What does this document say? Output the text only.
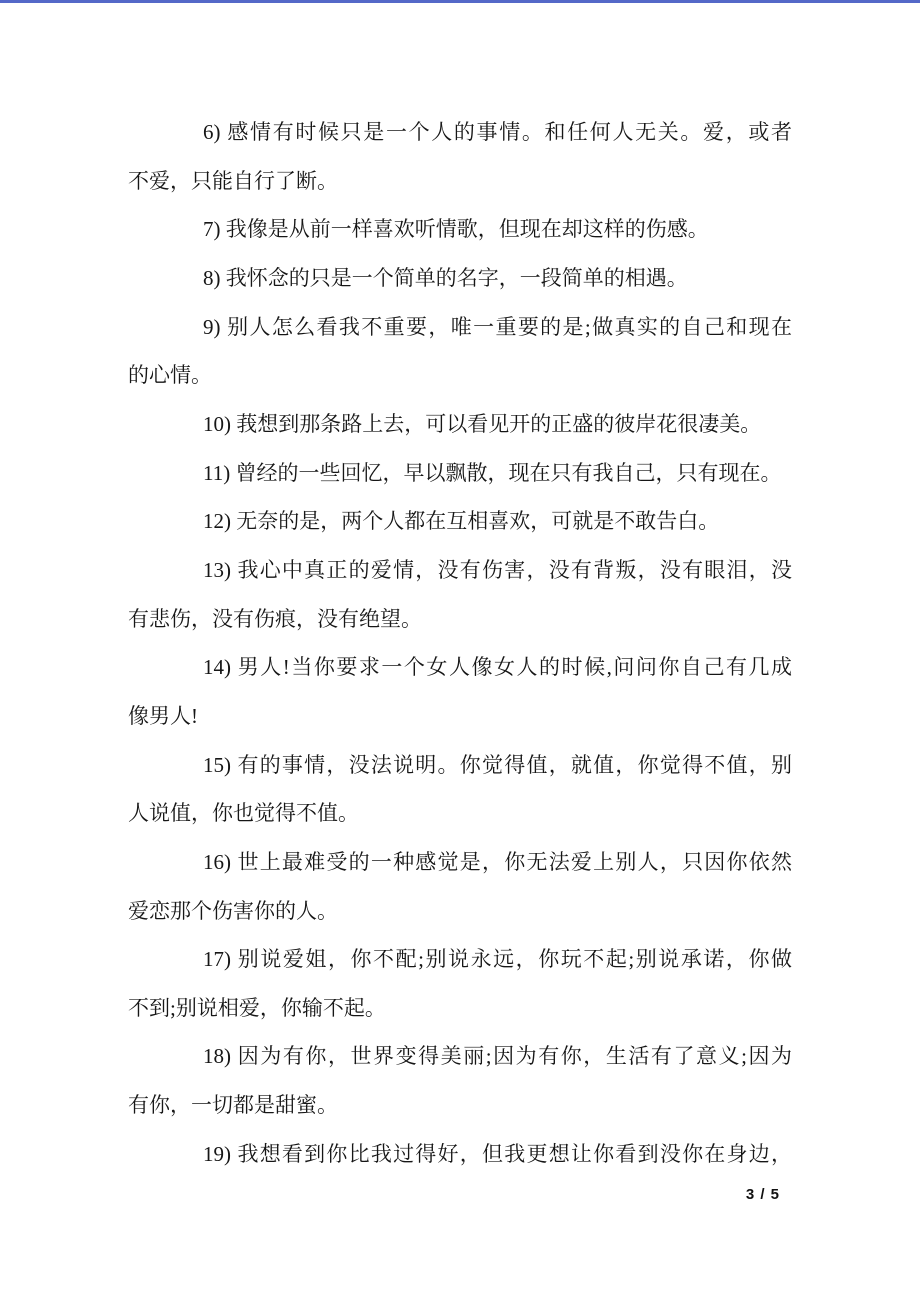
6) 感情有时候只是一个人的事情。和任何人无关。爱，或者
不爱，只能自行了断。
7) 我像是从前一样喜欢听情歌，但现在却这样的伤感。
8) 我怀念的只是一个简单的名字，一段简单的相遇。
9) 别人怎么看我不重要，唯一重要的是;做真实的自己和现在
的心情。
10) 莪想到那条路上去，可以看见开的正盛的彼岸花很凄美。
11) 曾经的一些回忆，早以飘散，现在只有我自己，只有现在。
12) 无奈的是，两个人都在互相喜欢，可就是不敢告白。
13) 我心中真正的爱情，没有伤害，没有背叛，没有眼泪，没
有悲伤，没有伤痕，没有绝望。
14) 男人!当你要求一个女人像女人的时候,问问你自己有几成
像男人!
15) 有的事情，没法说明。你觉得值，就值，你觉得不值，别
人说值，你也觉得不值。
16) 世上最难受的一种感觉是，你无法爱上别人，只因你依然
爱恋那个伤害你的人。
17) 别说爱姐，你不配;别说永远，你玩不起;别说承诺，你做
不到;别说相爱，你输不起。
18) 因为有你，世界变得美丽;因为有你，生活有了意义;因为
有你，一切都是甜蜜。
19) 我想看到你比我过得好，但我更想让你看到没你在身边，
3 / 5
